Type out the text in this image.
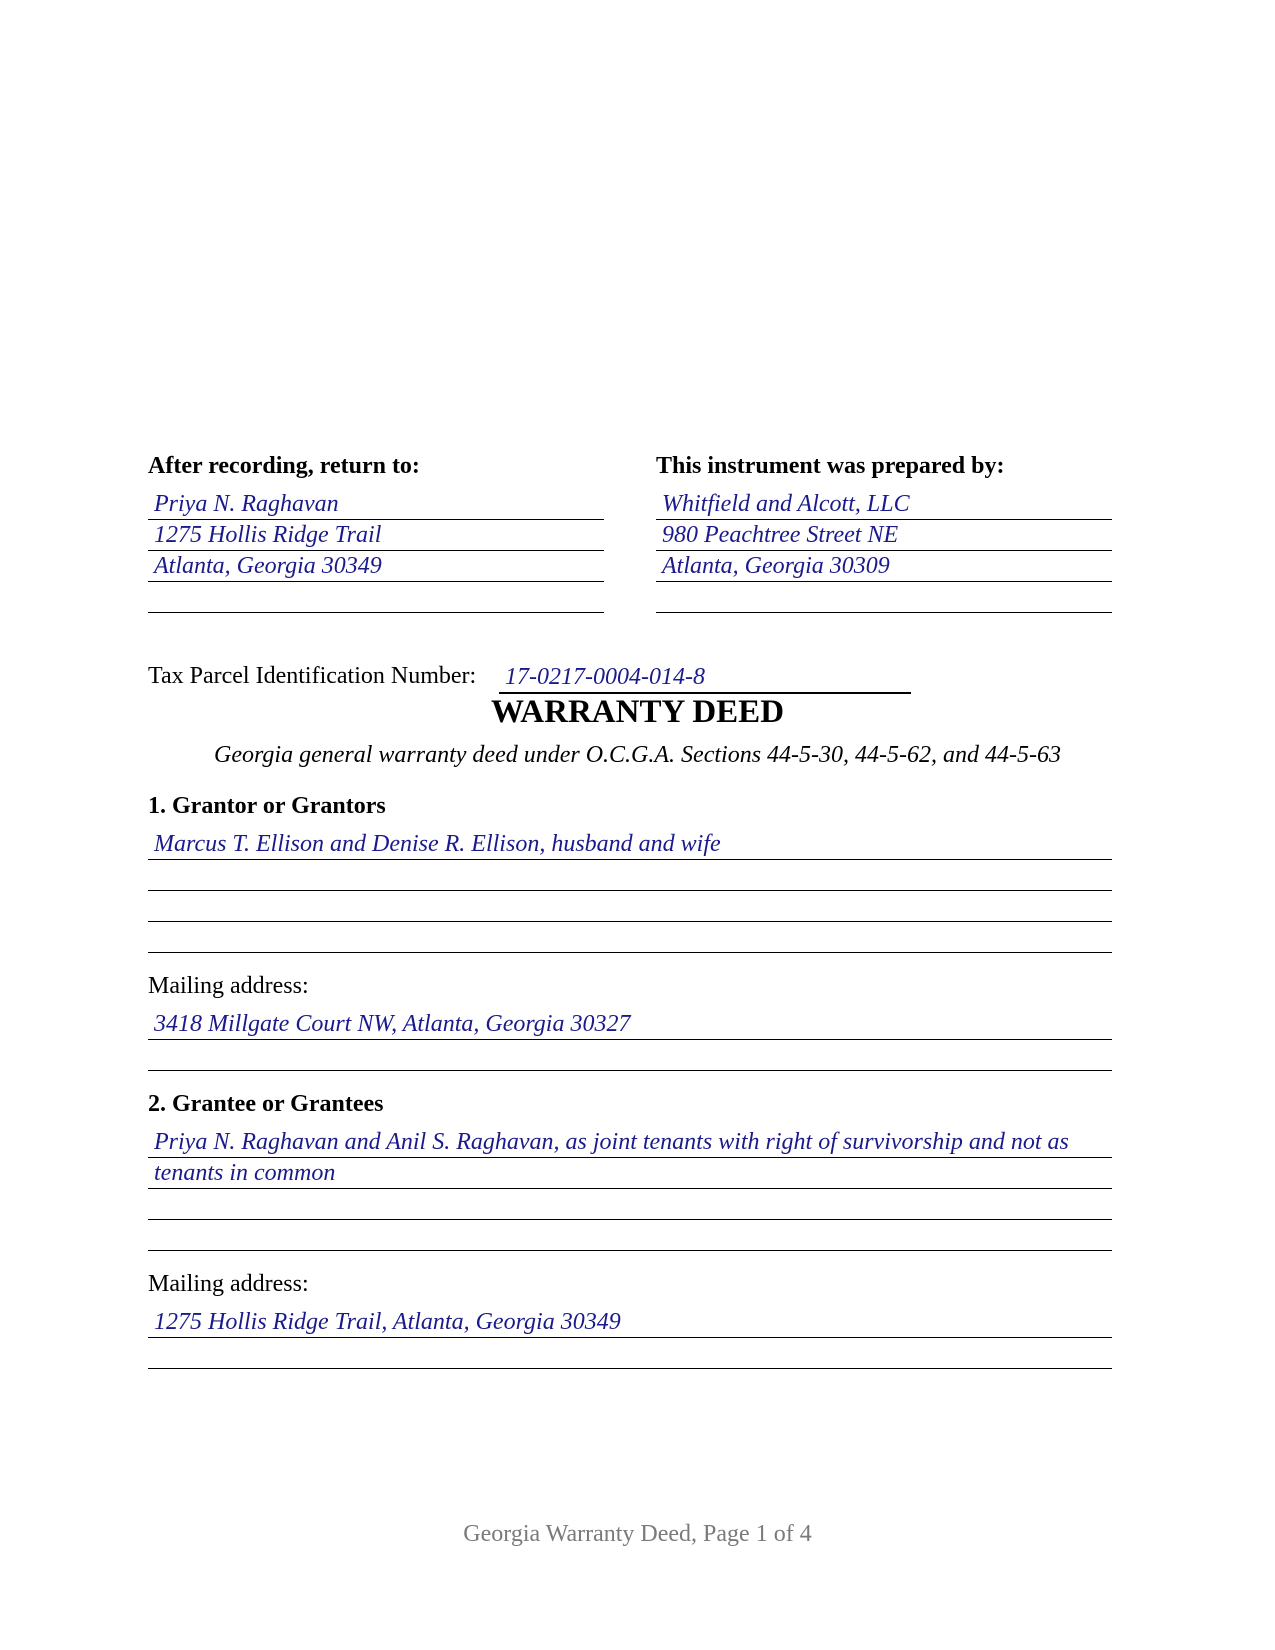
After recording, return to:
Priya N. Raghavan
1275 Hollis Ridge Trail
Atlanta, Georgia 30349
This instrument was prepared by:
Whitfield and Alcott, LLC
980 Peachtree Street NE
Atlanta, Georgia 30309
Tax Parcel Identification Number: 17-0217-0004-014-8
WARRANTY DEED
Georgia general warranty deed under O.C.G.A. Sections 44-5-30, 44-5-62, and 44-5-63
1. Grantor or Grantors
Marcus T. Ellison and Denise R. Ellison, husband and wife
Mailing address:
3418 Millgate Court NW, Atlanta, Georgia 30327
2. Grantee or Grantees
Priya N. Raghavan and Anil S. Raghavan, as joint tenants with right of survivorship and not as
tenants in common
Mailing address:
1275 Hollis Ridge Trail, Atlanta, Georgia 30349
Georgia Warranty Deed, Page 1 of 4
